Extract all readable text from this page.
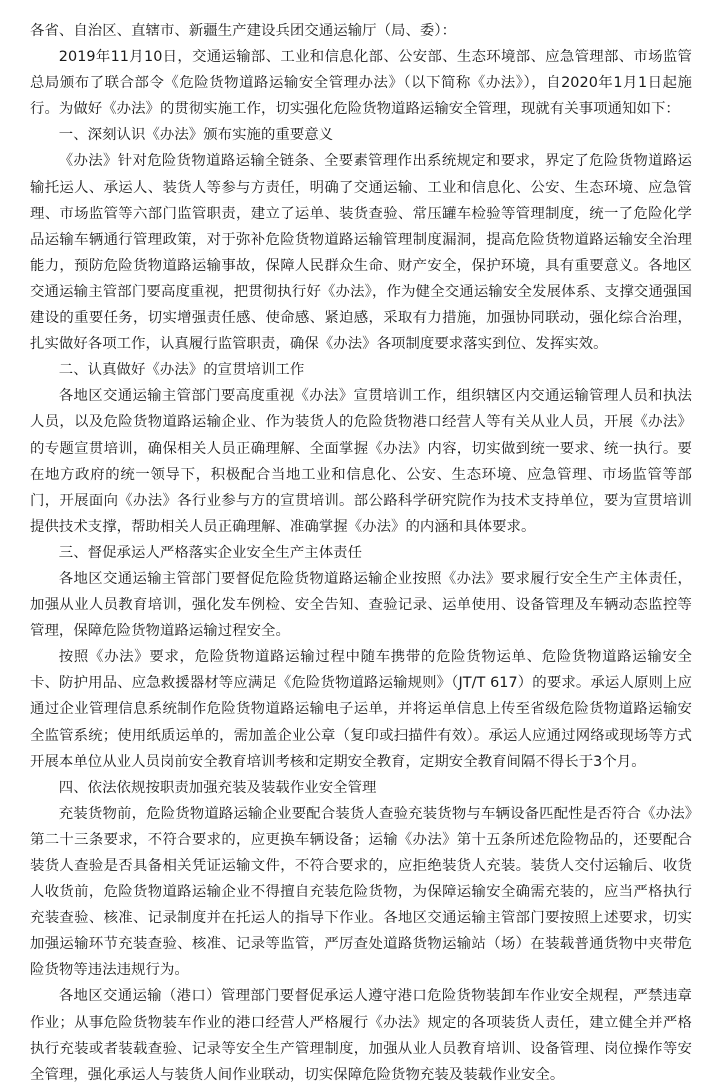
各省、自治区、直辖市、新疆生产建设兵团交通运输厅（局、委）：

2019年11月10日，交通运输部、工业和信息化部、公安部、生态环境部、应急管理部、市场监管总局颁布了联合部令《危险货物道路运输安全管理办法》（以下简称《办法》），自2020年1月1日起施行。为做好《办法》的贯彻实施工作，切实强化危险货物道路运输安全管理，现就有关事项通知如下：

一、深刻认识《办法》颁布实施的重要意义

《办法》针对危险货物道路运输全链条、全要素管理作出系统规定和要求，界定了危险货物道路运输托运人、承运人、装货人等参与方责任，明确了交通运输、工业和信息化、公安、生态环境、应急管理、市场监管等六部门监管职责，建立了运单、装货查验、常压罐车检验等管理制度，统一了危险化学品运输车辆通行管理政策，对于弥补危险货物道路运输管理制度漏洞，提高危险货物道路运输安全治理能力，预防危险货物道路运输事故，保障人民群众生命、财产安全，保护环境，具有重要意义。各地区交通运输主管部门要高度重视，把贯彻执行好《办法》，作为健全交通运输安全发展体系、支撑交通强国建设的重要任务，切实增强责任感、使命感、紧迫感，采取有力措施，加强协同联动，强化综合治理，扎实做好各项工作，认真履行监管职责，确保《办法》各项制度要求落实到位、发挥实效。

二、认真做好《办法》的宣贯培训工作

各地区交通运输主管部门要高度重视《办法》宣贯培训工作，组织辖区内交通运输管理人员和执法人员，以及危险货物道路运输企业、作为装货人的危险货物港口经营人等有关从业人员，开展《办法》的专题宣贯培训，确保相关人员正确理解、全面掌握《办法》内容，切实做到统一要求、统一执行。要在地方政府的统一领导下，积极配合当地工业和信息化、公安、生态环境、应急管理、市场监管等部门，开展面向《办法》各行业参与方的宣贯培训。部公路科学研究院作为技术支持单位，要为宣贯培训提供技术支撑，帮助相关人员正确理解、准确掌握《办法》的内涵和具体要求。

三、督促承运人严格落实企业安全生产主体责任

各地区交通运输主管部门要督促危险货物道路运输企业按照《办法》要求履行安全生产主体责任，加强从业人员教育培训，强化发车例检、安全告知、查验记录、运单使用、设备管理及车辆动态监控等管理，保障危险货物道路运输过程安全。

按照《办法》要求，危险货物道路运输过程中随车携带的危险货物运单、危险货物道路运输安全卡、防护用品、应急救援器材等应满足《危险货物道路运输规则》（JT/T 617）的要求。承运人原则上应通过企业管理信息系统制作危险货物道路运输电子运单，并将运单信息上传至省级危险货物道路运输安全监管系统；使用纸质运单的，需加盖企业公章（复印或扫描件有效）。承运人应通过网络或现场等方式开展本单位从业人员岗前安全教育培训考核和定期安全教育，定期安全教育间隔不得长于3个月。

四、依法依规按职责加强充装及装载作业安全管理

充装货物前，危险货物道路运输企业要配合装货人查验充装货物与车辆设备匹配性是否符合《办法》第二十三条要求，不符合要求的，应更换车辆设备；运输《办法》第十五条所述危险物品的，还要配合装货人查验是否具备相关凭证运输文件，不符合要求的，应拒绝装货人充装。装货人交付运输后、收货人收货前，危险货物道路运输企业不得擅自充装危险货物，为保障运输安全确需充装的，应当严格执行充装查验、核准、记录制度并在托运人的指导下作业。各地区交通运输主管部门要按照上述要求，切实加强运输环节充装查验、核准、记录等监管，严厉查处道路货物运输站（场）在装载普通货物中夹带危险货物等违法违规行为。

各地区交通运输（港口）管理部门要督促承运人遵守港口危险货物装卸车作业安全规程，严禁违章作业；从事危险货物装车作业的港口经营人严格履行《办法》规定的各项装货人责任，建立健全并严格执行充装或者装载查验、记录等安全生产管理制度，加强从业人员教育培训、设备管理、岗位操作等安全管理，强化承运人与装货人间作业联动，切实保障危险货物充装及装载作业安全。
